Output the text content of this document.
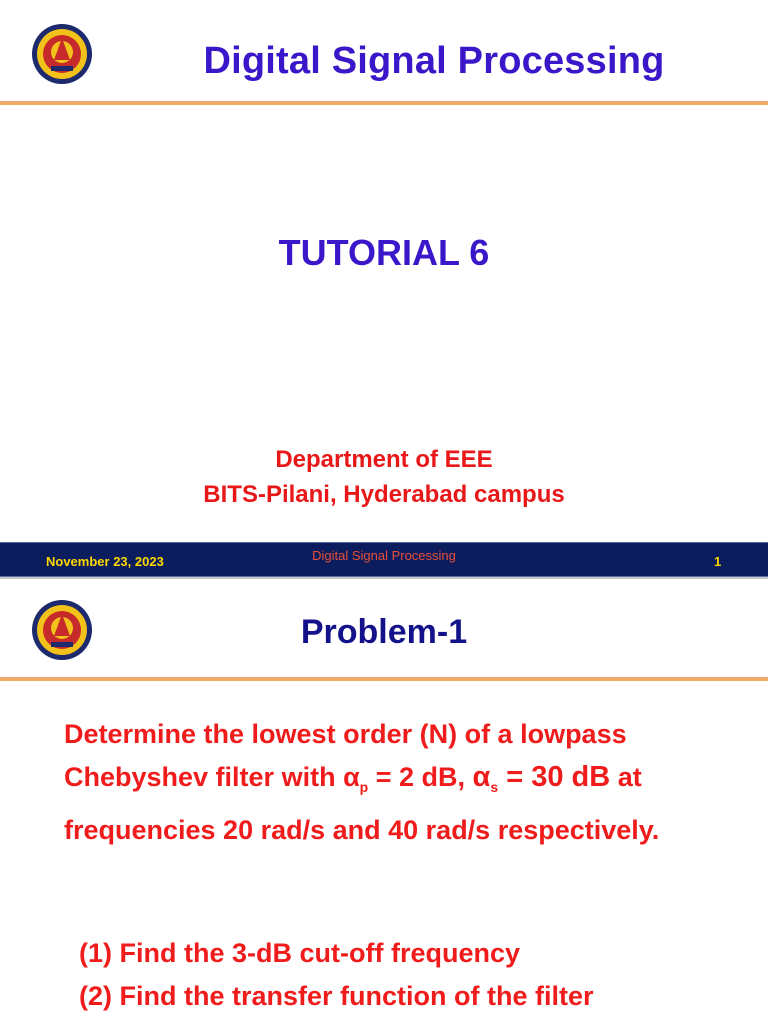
Digital Signal Processing
TUTORIAL 6
Department of EEE
BITS-Pilani, Hyderabad campus
November 23, 2023	Digital Signal Processing	1
Problem-1
Determine the lowest order (N) of a lowpass Chebyshev filter with $\alpha_p = 2$ dB, $\alpha_s = 30$ dB at frequencies 20 rad/s and 40 rad/s respectively.
(1) Find the 3-dB cut-off frequency
(2) Find the transfer function of the filter
